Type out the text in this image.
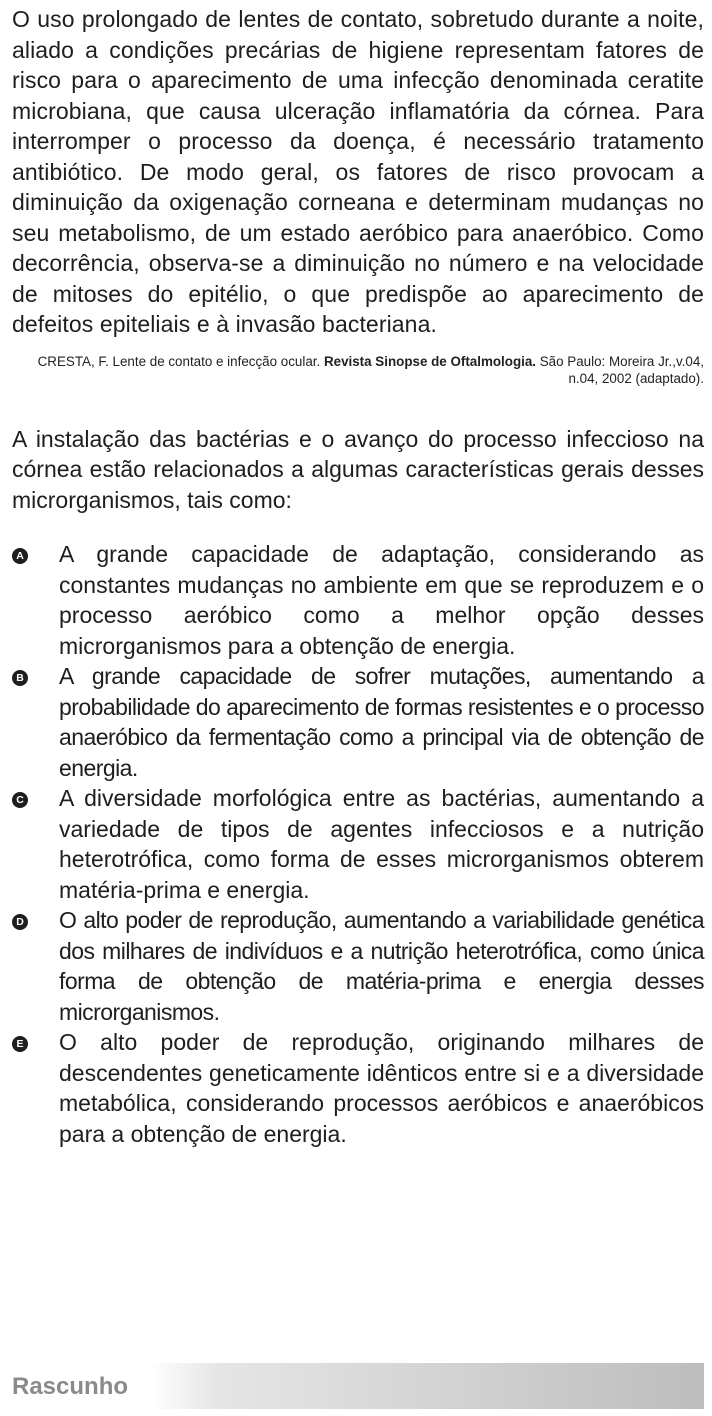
O uso prolongado de lentes de contato, sobretudo durante a noite, aliado a condições precárias de higiene representam fatores de risco para o aparecimento de uma infecção denominada ceratite microbiana, que causa ulceração inflamatória da córnea. Para interromper o processo da doença, é necessário tratamento antibiótico. De modo geral, os fatores de risco provocam a diminuição da oxigenação corneana e determinam mudanças no seu metabolismo, de um estado aeróbico para anaeróbico. Como decorrência, observa-se a diminuição no número e na velocidade de mitoses do epitélio, o que predispõe ao aparecimento de defeitos epiteliais e à invasão bacteriana.

CRESTA, F. Lente de contato e infecção ocular. Revista Sinopse de Oftalmologia. São Paulo: Moreira Jr.,v.04, n.04, 2002 (adaptado).
A instalação das bactérias e o avanço do processo infeccioso na córnea estão relacionados a algumas características gerais desses microrganismos, tais como:
A A grande capacidade de adaptação, considerando as constantes mudanças no ambiente em que se reproduzem e o processo aeróbico como a melhor opção desses microrganismos para a obtenção de energia.
B A grande capacidade de sofrer mutações, aumentando a probabilidade do aparecimento de formas resistentes e o processo anaeróbico da fermentação como a principal via de obtenção de energia.
C A diversidade morfológica entre as bactérias, aumentando a variedade de tipos de agentes infecciosos e a nutrição heterotrófica, como forma de esses microrganismos obterem matéria-prima e energia.
D O alto poder de reprodução, aumentando a variabilidade genética dos milhares de indivíduos e a nutrição heterotrófica, como única forma de obtenção de matéria-prima e energia desses microrganismos.
E O alto poder de reprodução, originando milhares de descendentes geneticamente idênticos entre si e a diversidade metabólica, considerando processos aeróbicos e anaeróbicos para a obtenção de energia.
Rascunho
